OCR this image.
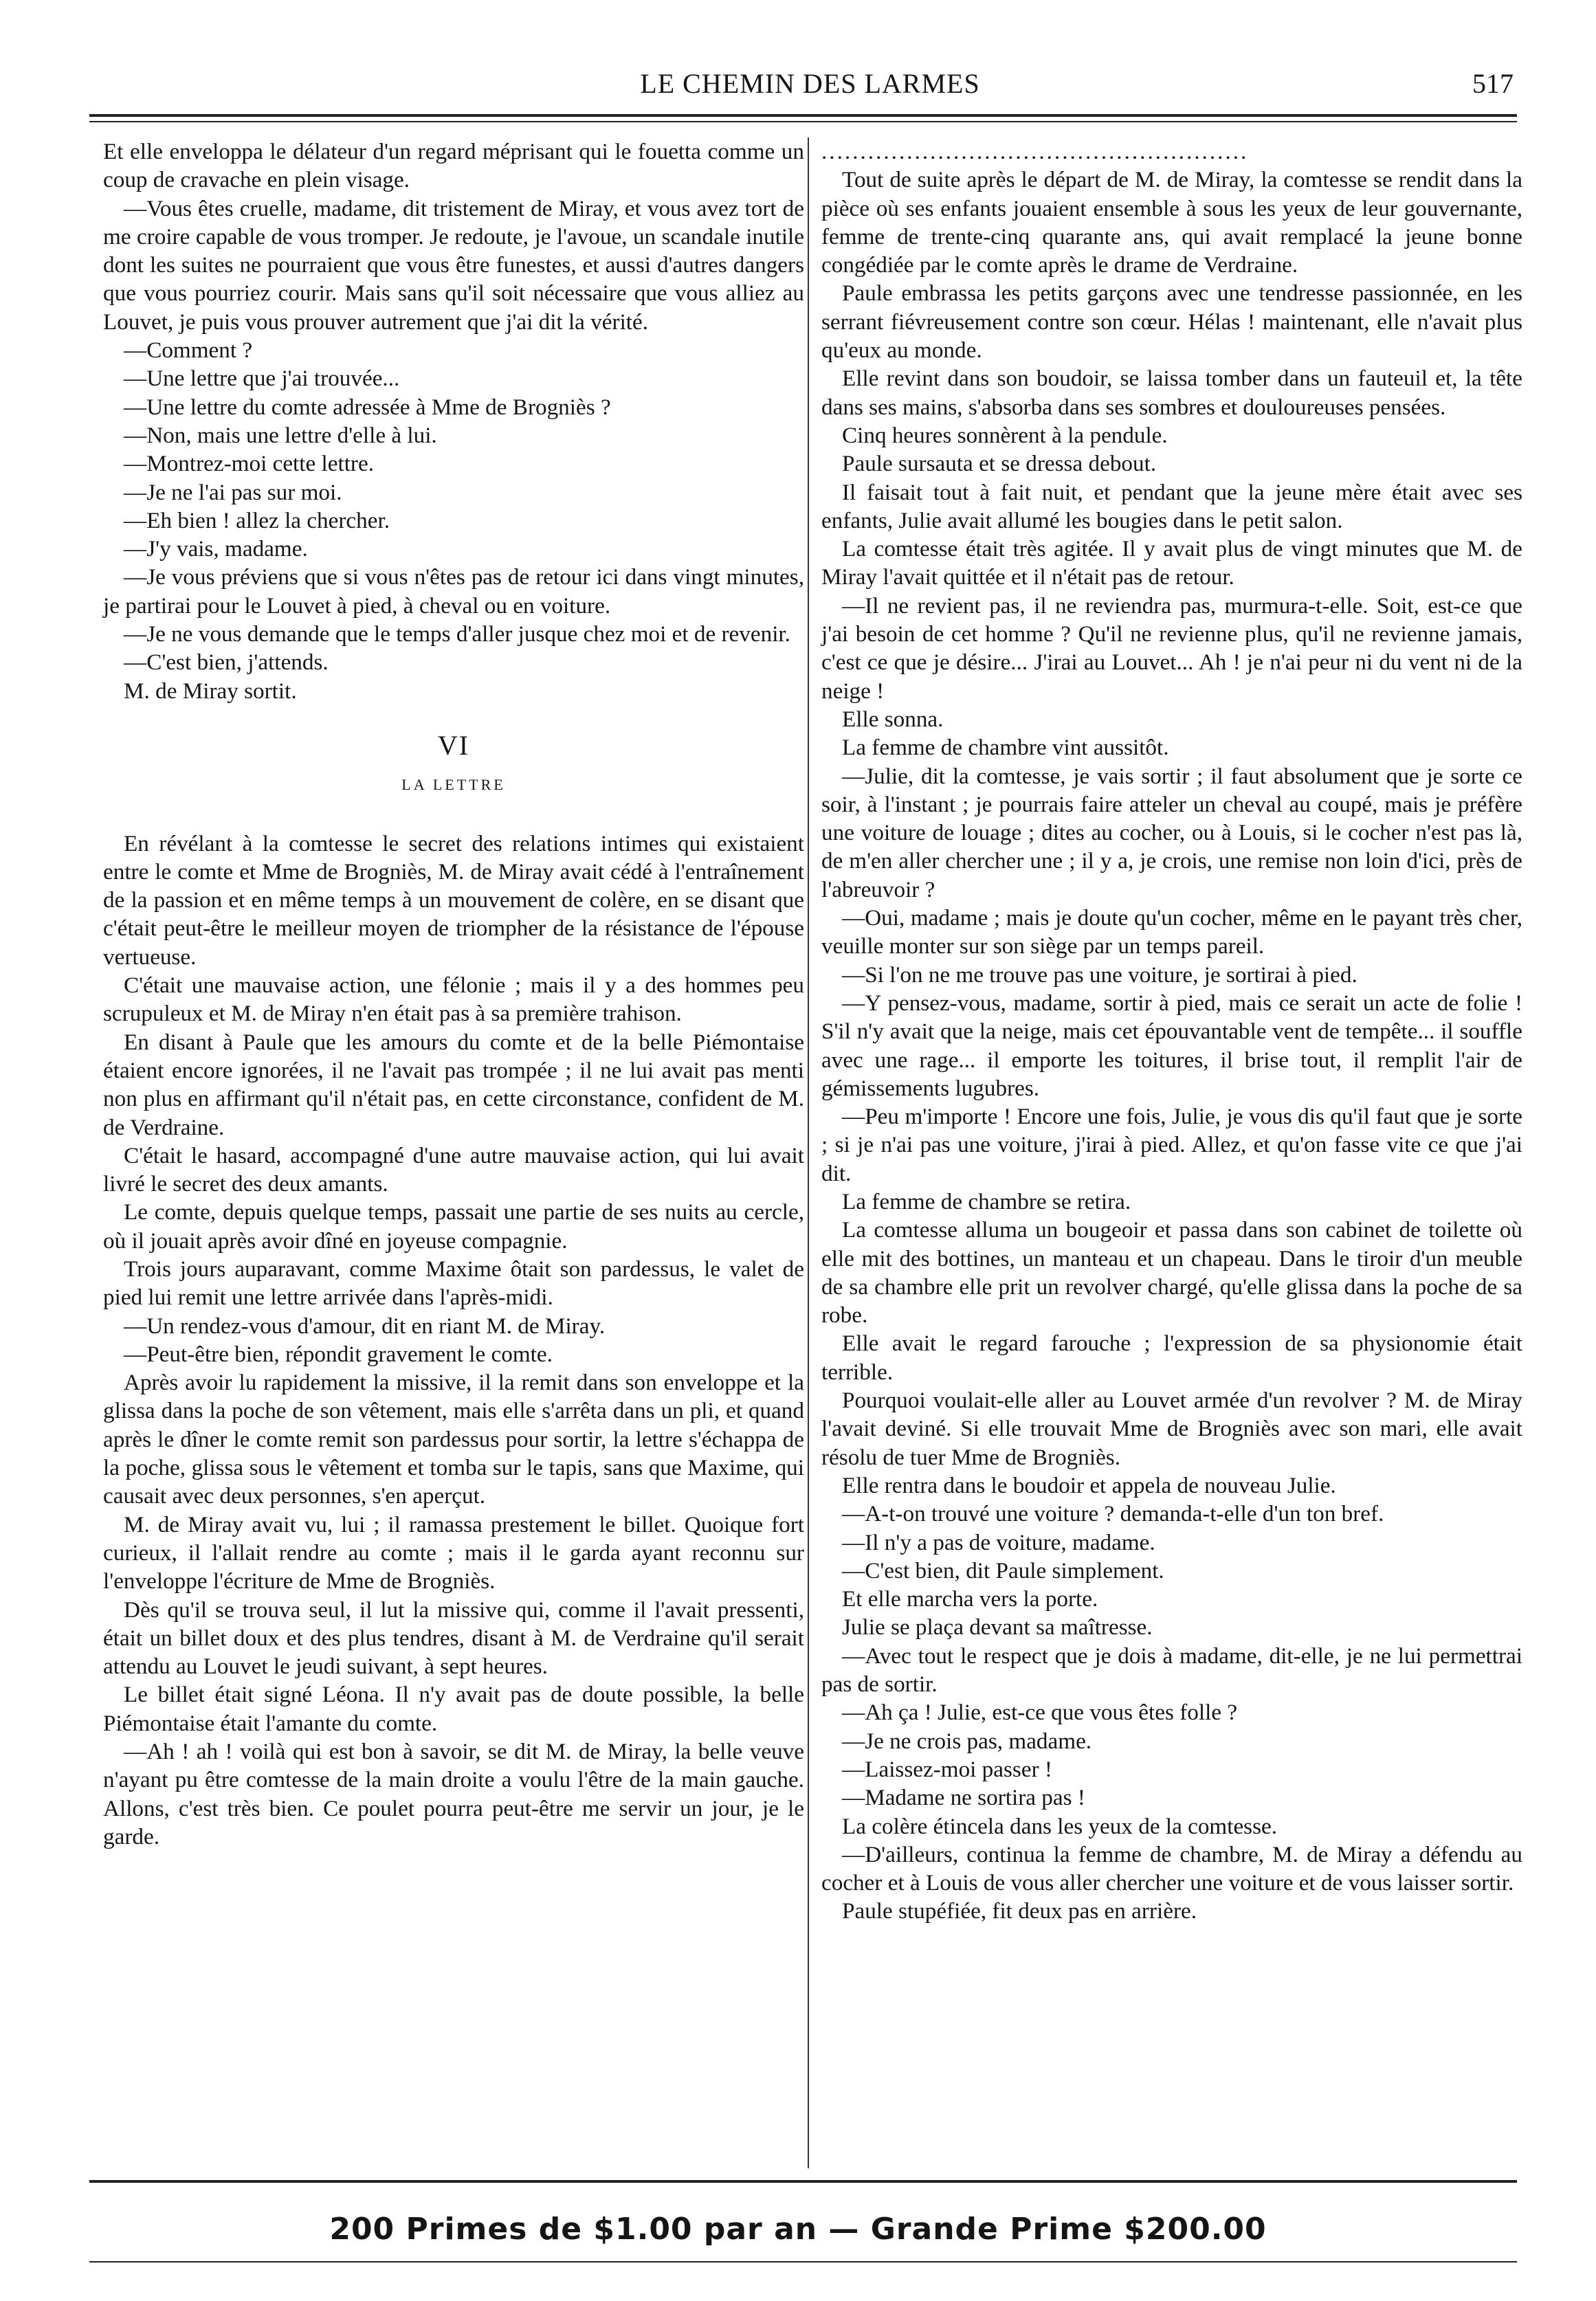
LE CHEMIN DES LARMES	517

Et elle enveloppa le délateur d'un regard méprisant qui le fouetta comme un coup de cravache en plein visage.

—Vous êtes cruelle, madame, dit tristement de Miray, et vous avez tort de me croire capable de vous tromper. Je redoute, je l'avoue, un scandale inutile dont les suites ne pourraient que vous être funestes, et aussi d'autres dangers que vous pourriez courir. Mais sans qu'il soit nécessaire que vous alliez au Louvet, je puis vous prouver autrement que j'ai dit la vérité.

—Comment ?

—Une lettre que j'ai trouvée...

—Une lettre du comte adressée à Mme de Brogniès ?

—Non, mais une lettre d'elle à lui.

—Montrez-moi cette lettre.

—Je ne l'ai pas sur moi.

—Eh bien ! allez la chercher.

—J'y vais, madame.

—Je vous préviens que si vous n'êtes pas de retour ici dans vingt minutes, je partirai pour le Louvet à pied, à cheval ou en voiture.

—Je ne vous demande que le temps d'aller jusque chez moi et de revenir.

—C'est bien, j'attends.

M. de Miray sortit.

VI
LA LETTRE

En révélant à la comtesse le secret des relations intimes qui existaient entre le comte et Mme de Brogniès, M. de Miray avait cédé à l'entraînement de la passion et en même temps à un mouvement de colère, en se disant que c'était peut-être le meilleur moyen de triompher de la résistance de l'épouse vertueuse.

C'était une mauvaise action, une félonie ; mais il y a des hommes peu scrupuleux et M. de Miray n'en était pas à sa première trahison.

En disant à Paule que les amours du comte et de la belle Piémontaise étaient encore ignorées, il ne l'avait pas trompée ; il ne lui avait pas menti non plus en affirmant qu'il n'était pas, en cette circonstance, confident de M. de Verdraine.

C'était le hasard, accompagné d'une autre mauvaise action, qui lui avait livré le secret des deux amants.

Le comte, depuis quelque temps, passait une partie de ses nuits au cercle, où il jouait après avoir dîné en joyeuse compagnie.

Trois jours auparavant, comme Maxime ôtait son pardessus, le valet de pied lui remit une lettre arrivée dans l'après-midi.

—Un rendez-vous d'amour, dit en riant M. de Miray.

—Peut-être bien, répondit gravement le comte.

Après avoir lu rapidement la missive, il la remit dans son enveloppe et la glissa dans la poche de son vêtement, mais elle s'arrêta dans un pli, et quand après le dîner le comte remit son pardessus pour sortir, la lettre s'échappa de la poche, glissa sous le vêtement et tomba sur le tapis, sans que Maxime, qui causait avec deux personnes, s'en aperçut.

M. de Miray avait vu, lui ; il ramassa prestement le billet. Quoique fort curieux, il l'allait rendre au comte ; mais il le garda ayant reconnu sur l'enveloppe l'écriture de Mme de Brogniès.

Dès qu'il se trouva seul, il lut la missive qui, comme il l'avait pressenti, était un billet doux et des plus tendres, disant à M. de Verdraine qu'il serait attendu au Louvet le jeudi suivant, à sept heures.

Le billet était signé Léona. Il n'y avait pas de doute possible, la belle Piémontaise était l'amante du comte.

—Ah ! ah ! voilà qui est bon à savoir, se dit M. de Miray, la belle veuve n'ayant pu être comtesse de la main droite a voulu l'être de la main gauche. Allons, c'est très bien. Ce poulet pourra peut-être me servir un jour, je le garde.

.......................................................

Tout de suite après le départ de M. de Miray, la comtesse se rendit dans la pièce où ses enfants jouaient ensemble à sous les yeux de leur gouvernante, femme de trente-cinq quarante ans, qui avait remplacé la jeune bonne congédiée par le comte après le drame de Verdraine.

Paule embrassa les petits garçons avec une tendresse passionnée, en les serrant fiévreusement contre son cœur. Hélas ! maintenant, elle n'avait plus qu'eux au monde.

Elle revint dans son boudoir, se laissa tomber dans un fauteuil et, la tête dans ses mains, s'absorba dans ses sombres et douloureuses pensées.

Cinq heures sonnèrent à la pendule.

Paule sursauta et se dressa debout.

Il faisait tout à fait nuit, et pendant que la jeune mère était avec ses enfants, Julie avait allumé les bougies dans le petit salon.

La comtesse était très agitée. Il y avait plus de vingt minutes que M. de Miray l'avait quittée et il n'était pas de retour.

—Il ne revient pas, il ne reviendra pas, murmura-t-elle. Soit, est-ce que j'ai besoin de cet homme ? Qu'il ne revienne plus, qu'il ne revienne jamais, c'est ce que je désire... J'irai au Louvet... Ah ! je n'ai peur ni du vent ni de la neige !

Elle sonna.

La femme de chambre vint aussitôt.

—Julie, dit la comtesse, je vais sortir ; il faut absolument que je sorte ce soir, à l'instant ; je pourrais faire atteler un cheval au coupé, mais je préfère une voiture de louage ; dites au cocher, ou à Louis, si le cocher n'est pas là, de m'en aller chercher une ; il y a, je crois, une remise non loin d'ici, près de l'abreuvoir ?

—Oui, madame ; mais je doute qu'un cocher, même en le payant très cher, veuille monter sur son siège par un temps pareil.

—Si l'on ne me trouve pas une voiture, je sortirai à pied.

—Y pensez-vous, madame, sortir à pied, mais ce serait un acte de folie ! S'il n'y avait que la neige, mais cet épouvantable vent de tempête... il souffle avec une rage... il emporte les toitures, il brise tout, il remplit l'air de gémissements lugubres.

—Peu m'importe ! Encore une fois, Julie, je vous dis qu'il faut que je sorte ; si je n'ai pas une voiture, j'irai à pied. Allez, et qu'on fasse vite ce que j'ai dit.

La femme de chambre se retira.

La comtesse alluma un bougeoir et passa dans son cabinet de toilette où elle mit des bottines, un manteau et un chapeau. Dans le tiroir d'un meuble de sa chambre elle prit un revolver chargé, qu'elle glissa dans la poche de sa robe.

Elle avait le regard farouche ; l'expression de sa physionomie était terrible.

Pourquoi voulait-elle aller au Louvet armée d'un revolver ? M. de Miray l'avait deviné. Si elle trouvait Mme de Brogniès avec son mari, elle avait résolu de tuer Mme de Brogniès.

Elle rentra dans le boudoir et appela de nouveau Julie.

—A-t-on trouvé une voiture ? demanda-t-elle d'un ton bref.

—Il n'y a pas de voiture, madame.

—C'est bien, dit Paule simplement.

Et elle marcha vers la porte.

Julie se plaça devant sa maîtresse.

—Avec tout le respect que je dois à madame, dit-elle, je ne lui permettrai pas de sortir.

—Ah ça ! Julie, est-ce que vous êtes folle ?

—Je ne crois pas, madame.

—Laissez-moi passer !

—Madame ne sortira pas !

La colère étincela dans les yeux de la comtesse.

—D'ailleurs, continua la femme de chambre, M. de Miray a défendu au cocher et à Louis de vous aller chercher une voiture et de vous laisser sortir.

Paule stupéfiée, fit deux pas en arrière.

200 Primes de $1.00 par an — Grande Prime $200.00
